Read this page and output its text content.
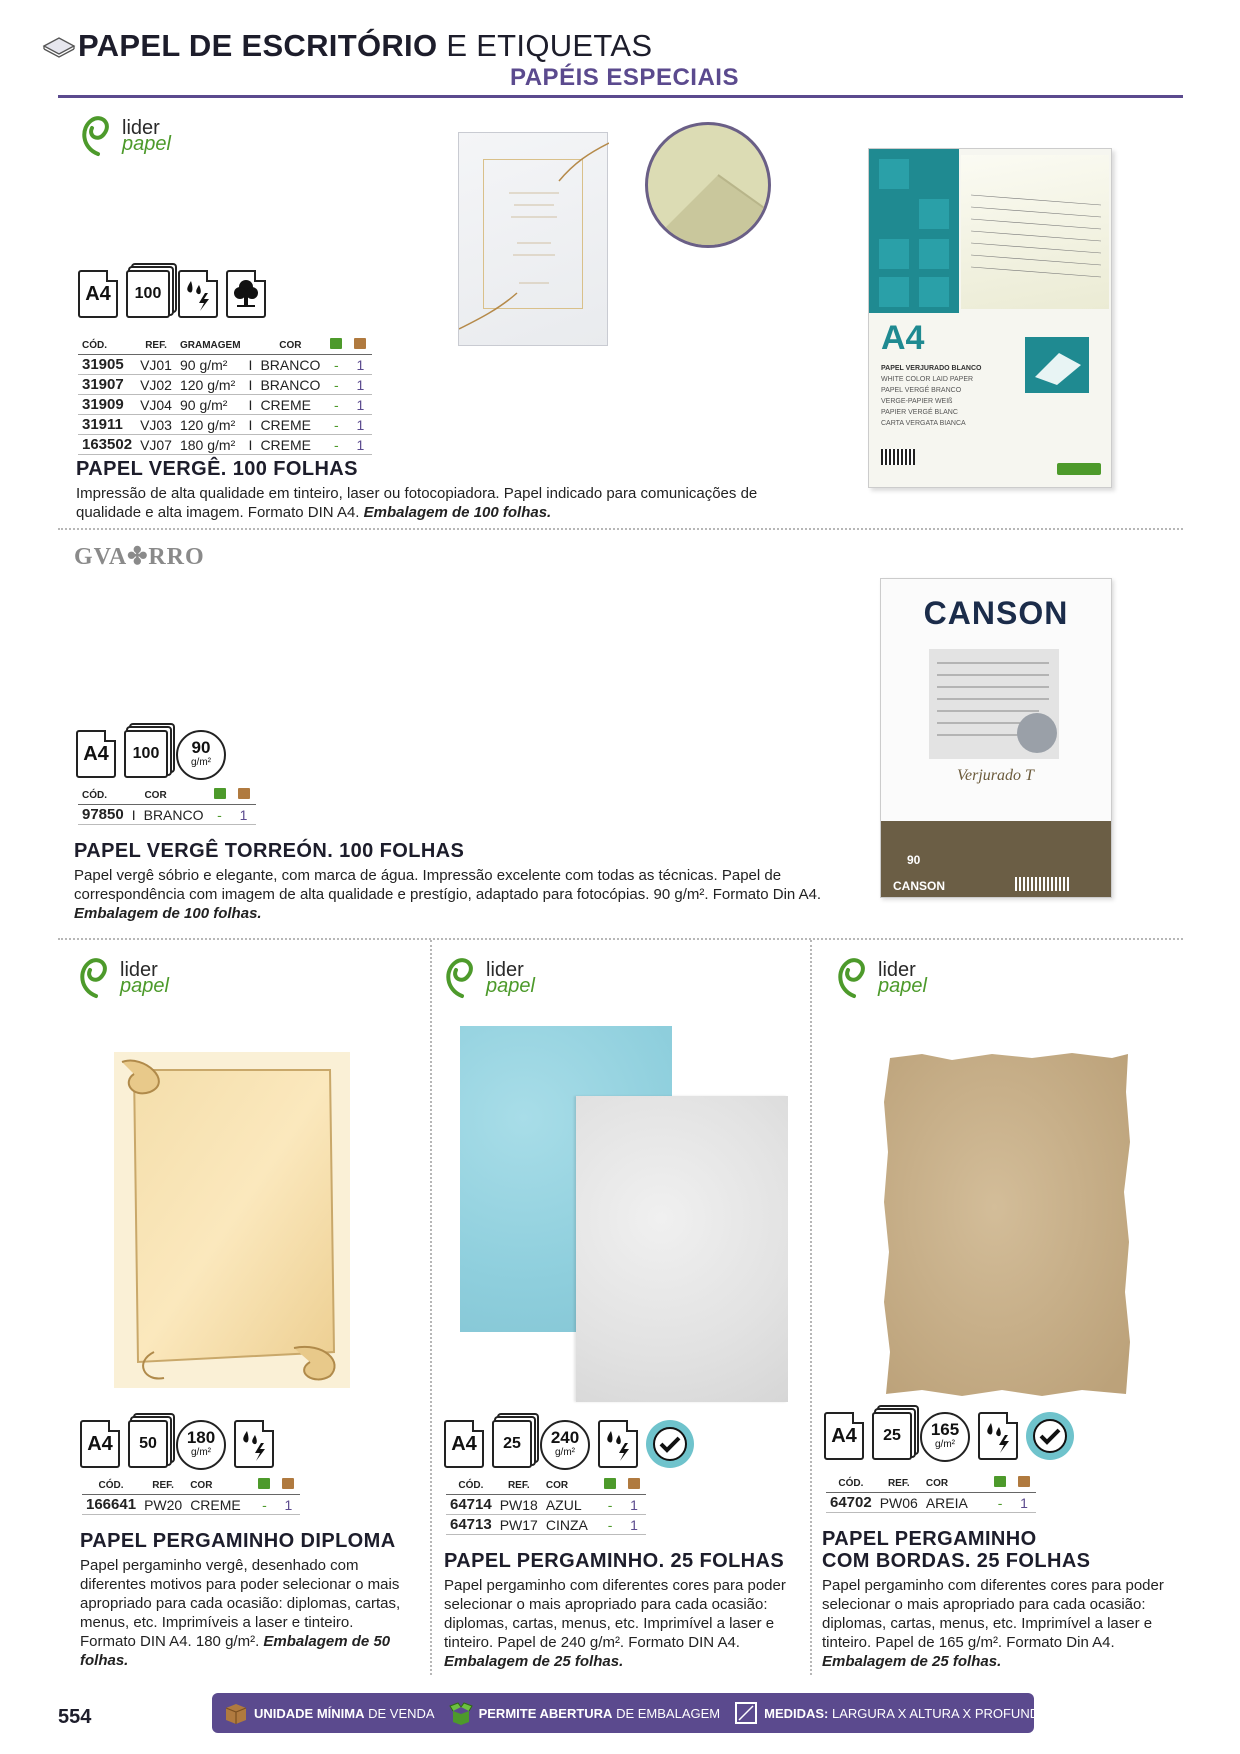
PAPEL DE ESCRITÓRIO E ETIQUETAS
PAPÉIS ESPECIAIS
lider
papel
A4	100
CÓD.	REF.	GRAMAGEM		COR		
31905	VJ01	90 g/m²	I	BRANCO	-	1
31907	VJ02	120 g/m²	I	BRANCO	-	1
31909	VJ04	90 g/m²	I	CREME	-	1
31911	VJ03	120 g/m²	I	CREME	-	1
163502	VJ07	180 g/m²	I	CREME	-	1
PAPEL VERGÊ. 100 FOLHAS
Impressão de alta qualidade em tinteiro, laser ou fotocopiadora. Papel indicado para comunicações de qualidade e alta imagem. Formato DIN A4. Embalagem de 100 folhas.
A4
PAPEL VERJURADO BLANCO
WHITE COLOR LAID PAPER
PAPEL VERGÉ BRANCO
VERGE-PAPIER WEIß
PAPIER VERGÉ BLANC
CARTA VERGATA BIANCA
GVA✤RRO
A4	100	90
g/m²
CÓD.		COR		
97850	I	BRANCO	-	1
PAPEL VERGÊ TORREÓN. 100 FOLHAS
Papel vergê sóbrio e elegante, com marca de água. Impressão excelente com todas as técnicas. Papel de correspondência com imagem de alta qualidade e prestígio, adaptado para fotocópias. 90 g/m². Formato Din A4. Embalagem de 100 folhas.
CANSON
Verjurado T
90
CANSON
lider
papel
A4	50	180
g/m²
CÓD.	REF.	COR		
166641	PW20	CREME	-	1
PAPEL PERGAMINHO DIPLOMA
Papel pergaminho vergê, desenhado com diferentes motivos para poder selecionar o mais apropriado para cada ocasião: diplomas, cartas, menus, etc. Imprimíveis a laser e tinteiro. Formato DIN A4. 180 g/m². Embalagem de 50 folhas.
lider
papel
A4	25	240
g/m²
CÓD.	REF.	COR		
64714	PW18	AZUL	-	1
64713	PW17	CINZA	-	1
PAPEL PERGAMINHO. 25 FOLHAS
Papel pergaminho com diferentes cores para poder selecionar o mais apropriado para cada ocasião: diplomas, cartas, menus, etc. Imprimível a laser e tinteiro. Papel de 240 g/m². Formato DIN A4. Embalagem de 25 folhas.
lider
papel
A4	25	165
g/m²
CÓD.	REF.	COR		
64702	PW06	AREIA	-	1
PAPEL PERGAMINHO
COM BORDAS. 25 FOLHAS
Papel pergaminho com diferentes cores para poder selecionar o mais apropriado para cada ocasião: diplomas, cartas, menus, etc. Imprimível a laser e tinteiro. Papel de 165 g/m². Formato Din A4. Embalagem de 25 folhas.
554	UNIDADE MÍNIMA DE VENDA	PERMITE ABERTURA DE EMBALAGEM	MEDIDAS: LARGURA X ALTURA X PROFUNDIDADE
